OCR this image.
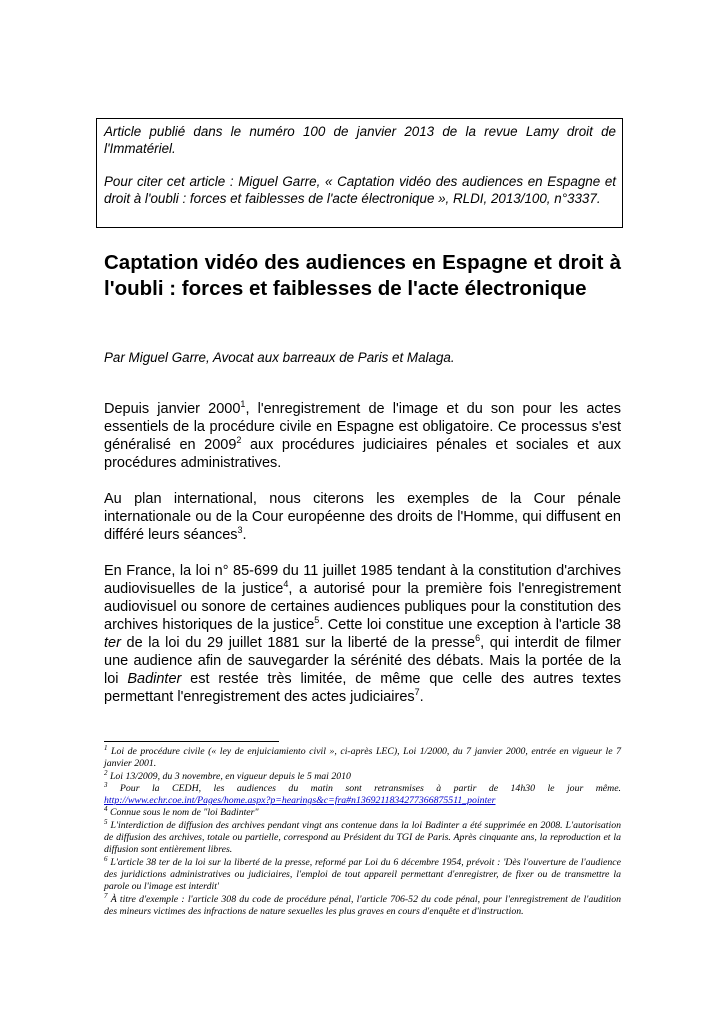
Article publié dans le numéro 100 de janvier 2013 de la revue Lamy droit de l'Immatériel.

Pour citer cet article : Miguel Garre, « Captation vidéo des audiences en Espagne et droit à l'oubli : forces et faiblesses de l'acte électronique », RLDI, 2013/100, n°3337.

Captation vidéo des audiences en Espagne et droit à l'oubli : forces et faiblesses de l'acte électronique

Par Miguel Garre, Avocat aux barreaux de Paris et Malaga.

Depuis janvier 2000$^1$, l'enregistrement de l'image et du son pour les actes essentiels de la procédure civile en Espagne est obligatoire. Ce processus s'est généralisé en 2009$^2$ aux procédures judiciaires pénales et sociales et aux procédures administratives.

Au plan international, nous citerons les exemples de la Cour pénale internationale ou de la Cour européenne des droits de l'Homme, qui diffusent en différé leurs séances$^3$.

En France, la loi n° 85-699 du 11 juillet 1985 tendant à la constitution d'archives audiovisuelles de la justice$^4$, a autorisé pour la première fois l'enregistrement audiovisuel ou sonore de certaines audiences publiques pour la constitution des archives historiques de la justice$^5$. Cette loi constitue une exception à l'article 38 ter de la loi du 29 juillet 1881 sur la liberté de la presse$^6$, qui interdit de filmer une audience afin de sauvegarder la sérénité des débats. Mais la portée de la loi Badinter est restée très limitée, de même que celle des autres textes permettant l'enregistrement des actes judiciaires$^7$.

$^1$ Loi de procédure civile (« ley de enjuiciamiento civil », ci-après LEC), Loi 1/2000, du 7 janvier 2000, entrée en vigueur le 7 janvier 2001.

$^2$ Loi 13/2009, du 3 novembre, en vigueur depuis le 5 mai 2010

$^3$ Pour la CEDH, les audiences du matin sont retransmises à partir de 14h30 le jour même. http://www.echr.coe.int/Pages/home.aspx?p=hearings&c=fra#n1369211834277366875511_pointer

$^4$ Connue sous le nom de "loi Badinter"

$^5$ L'interdiction de diffusion des archives pendant vingt ans contenue dans la loi Badinter a été supprimée en 2008. L'autorisation de diffusion des archives, totale ou partielle, correspond au Président du TGI de Paris. Après cinquante ans, la reproduction et la diffusion sont entièrement libres.

$^6$ L'article 38 ter de la loi sur la liberté de la presse, reformé par Loi du 6 décembre 1954, prévoit : 'Dès l'ouverture de l'audience des juridictions administratives ou judiciaires, l'emploi de tout appareil permettant d'enregistrer, de fixer ou de transmettre la parole ou l'image est interdit'

$^7$ À titre d'exemple : l'article 308 du code de procédure pénal, l'article 706-52 du code pénal, pour l'enregistrement de l'audition des mineurs victimes des infractions de nature sexuelles les plus graves en cours d'enquête et d'instruction.
